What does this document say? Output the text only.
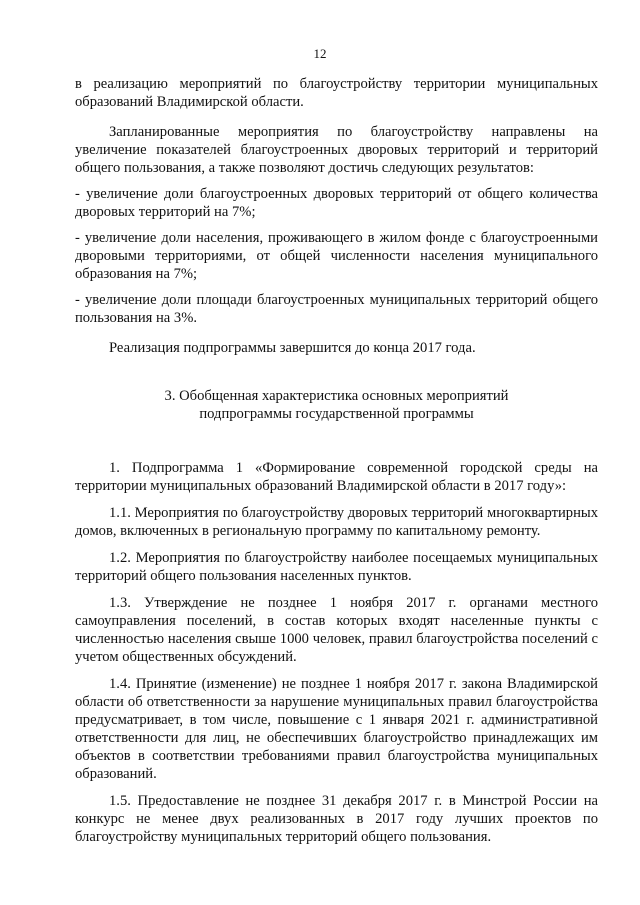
12

в реализацию мероприятий по благоустройству территории муниципальных образований Владимирской области.

Запланированные мероприятия по благоустройству направлены на увеличение показателей благоустроенных дворовых территорий и территорий общего пользования, а также позволяют достичь следующих результатов:

- увеличение доли благоустроенных дворовых территорий от общего количества дворовых территорий на 7%;

- увеличение доли населения, проживающего в жилом фонде с благоустроенными дворовыми территориями, от общей численности населения муниципального образования на 7%;

- увеличение доли площади благоустроенных муниципальных территорий общего пользования на 3%.

Реализация подпрограммы завершится до конца 2017 года.

3. Обобщенная характеристика основных мероприятий
подпрограммы государственной программы

1. Подпрограмма 1 «Формирование современной городской среды на территории муниципальных образований Владимирской области в 2017 году»:

1.1. Мероприятия по благоустройству дворовых территорий многоквартирных домов, включенных в региональную программу по капитальному ремонту.

1.2. Мероприятия по благоустройству наиболее посещаемых муниципальных территорий общего пользования населенных пунктов.

1.3. Утверждение не позднее 1 ноября 2017 г. органами местного самоуправления поселений, в состав которых входят населенные пункты с численностью населения свыше 1000 человек, правил благоустройства поселений с учетом общественных обсуждений.

1.4. Принятие (изменение) не позднее 1 ноября 2017 г. закона Владимирской области об ответственности за нарушение муниципальных правил благоустройства предусматривает, в том числе, повышение с 1 января 2021 г. административной ответственности для лиц, не обеспечивших благоустройство принадлежащих им объектов в соответствии требованиями правил благоустройства муниципальных образований.

1.5. Предоставление не позднее 31 декабря 2017 г. в Минстрой России на конкурс не менее двух реализованных в 2017 году лучших проектов по благоустройству муниципальных территорий общего пользования.
